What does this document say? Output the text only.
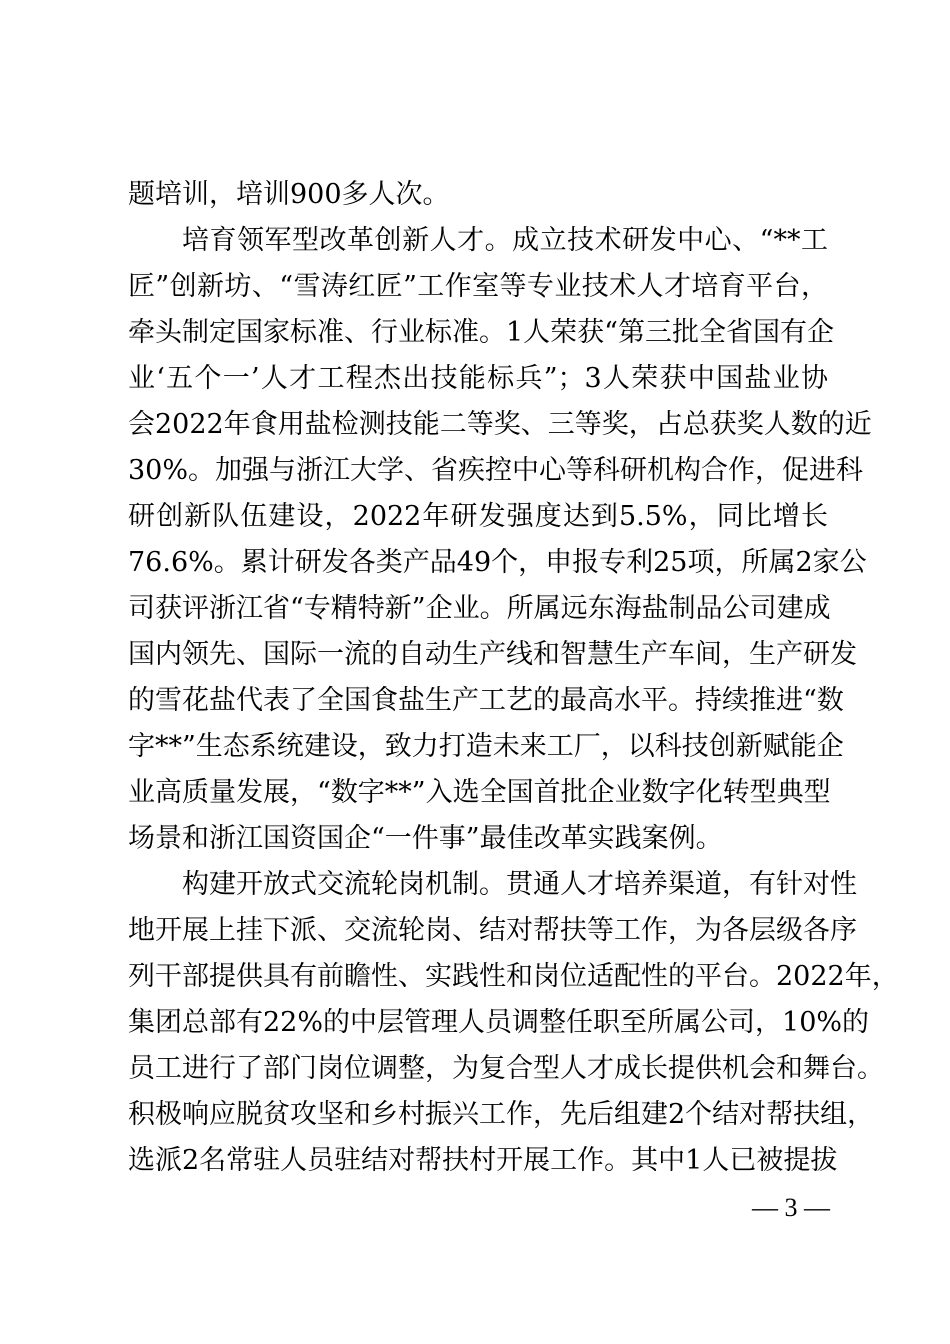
题培训，培训900多人次。
培育领军型改革创新人才。成立技术研发中心、“**工
匠”创新坊、“雪涛红匠”工作室等专业技术人才培育平台，
牵头制定国家标准、行业标准。1人荣获“第三批全省国有企
业‘五个一’人才工程杰出技能标兵”；3人荣获中国盐业协
会2022年食用盐检测技能二等奖、三等奖，占总获奖人数的近
30%。加强与浙江大学、省疾控中心等科研机构合作，促进科
研创新队伍建设，2022年研发强度达到5.5%，同比增长
76.6%。累计研发各类产品49个，申报专利25项，所属2家公
司获评浙江省“专精特新”企业。所属远东海盐制品公司建成
国内领先、国际一流的自动生产线和智慧生产车间，生产研发
的雪花盐代表了全国食盐生产工艺的最高水平。持续推进“数
字**”生态系统建设，致力打造未来工厂，以科技创新赋能企
业高质量发展，“数字**”入选全国首批企业数字化转型典型
场景和浙江国资国企“一件事”最佳改革实践案例。
构建开放式交流轮岗机制。贯通人才培养渠道，有针对性
地开展上挂下派、交流轮岗、结对帮扶等工作，为各层级各序
列干部提供具有前瞻性、实践性和岗位适配性的平台。2022年，
集团总部有22%的中层管理人员调整任职至所属公司，10%的
员工进行了部门岗位调整，为复合型人才成长提供机会和舞台。
积极响应脱贫攻坚和乡村振兴工作，先后组建2个结对帮扶组，
选派2名常驻人员驻结对帮扶村开展工作。其中1人已被提拔
— 3 —
